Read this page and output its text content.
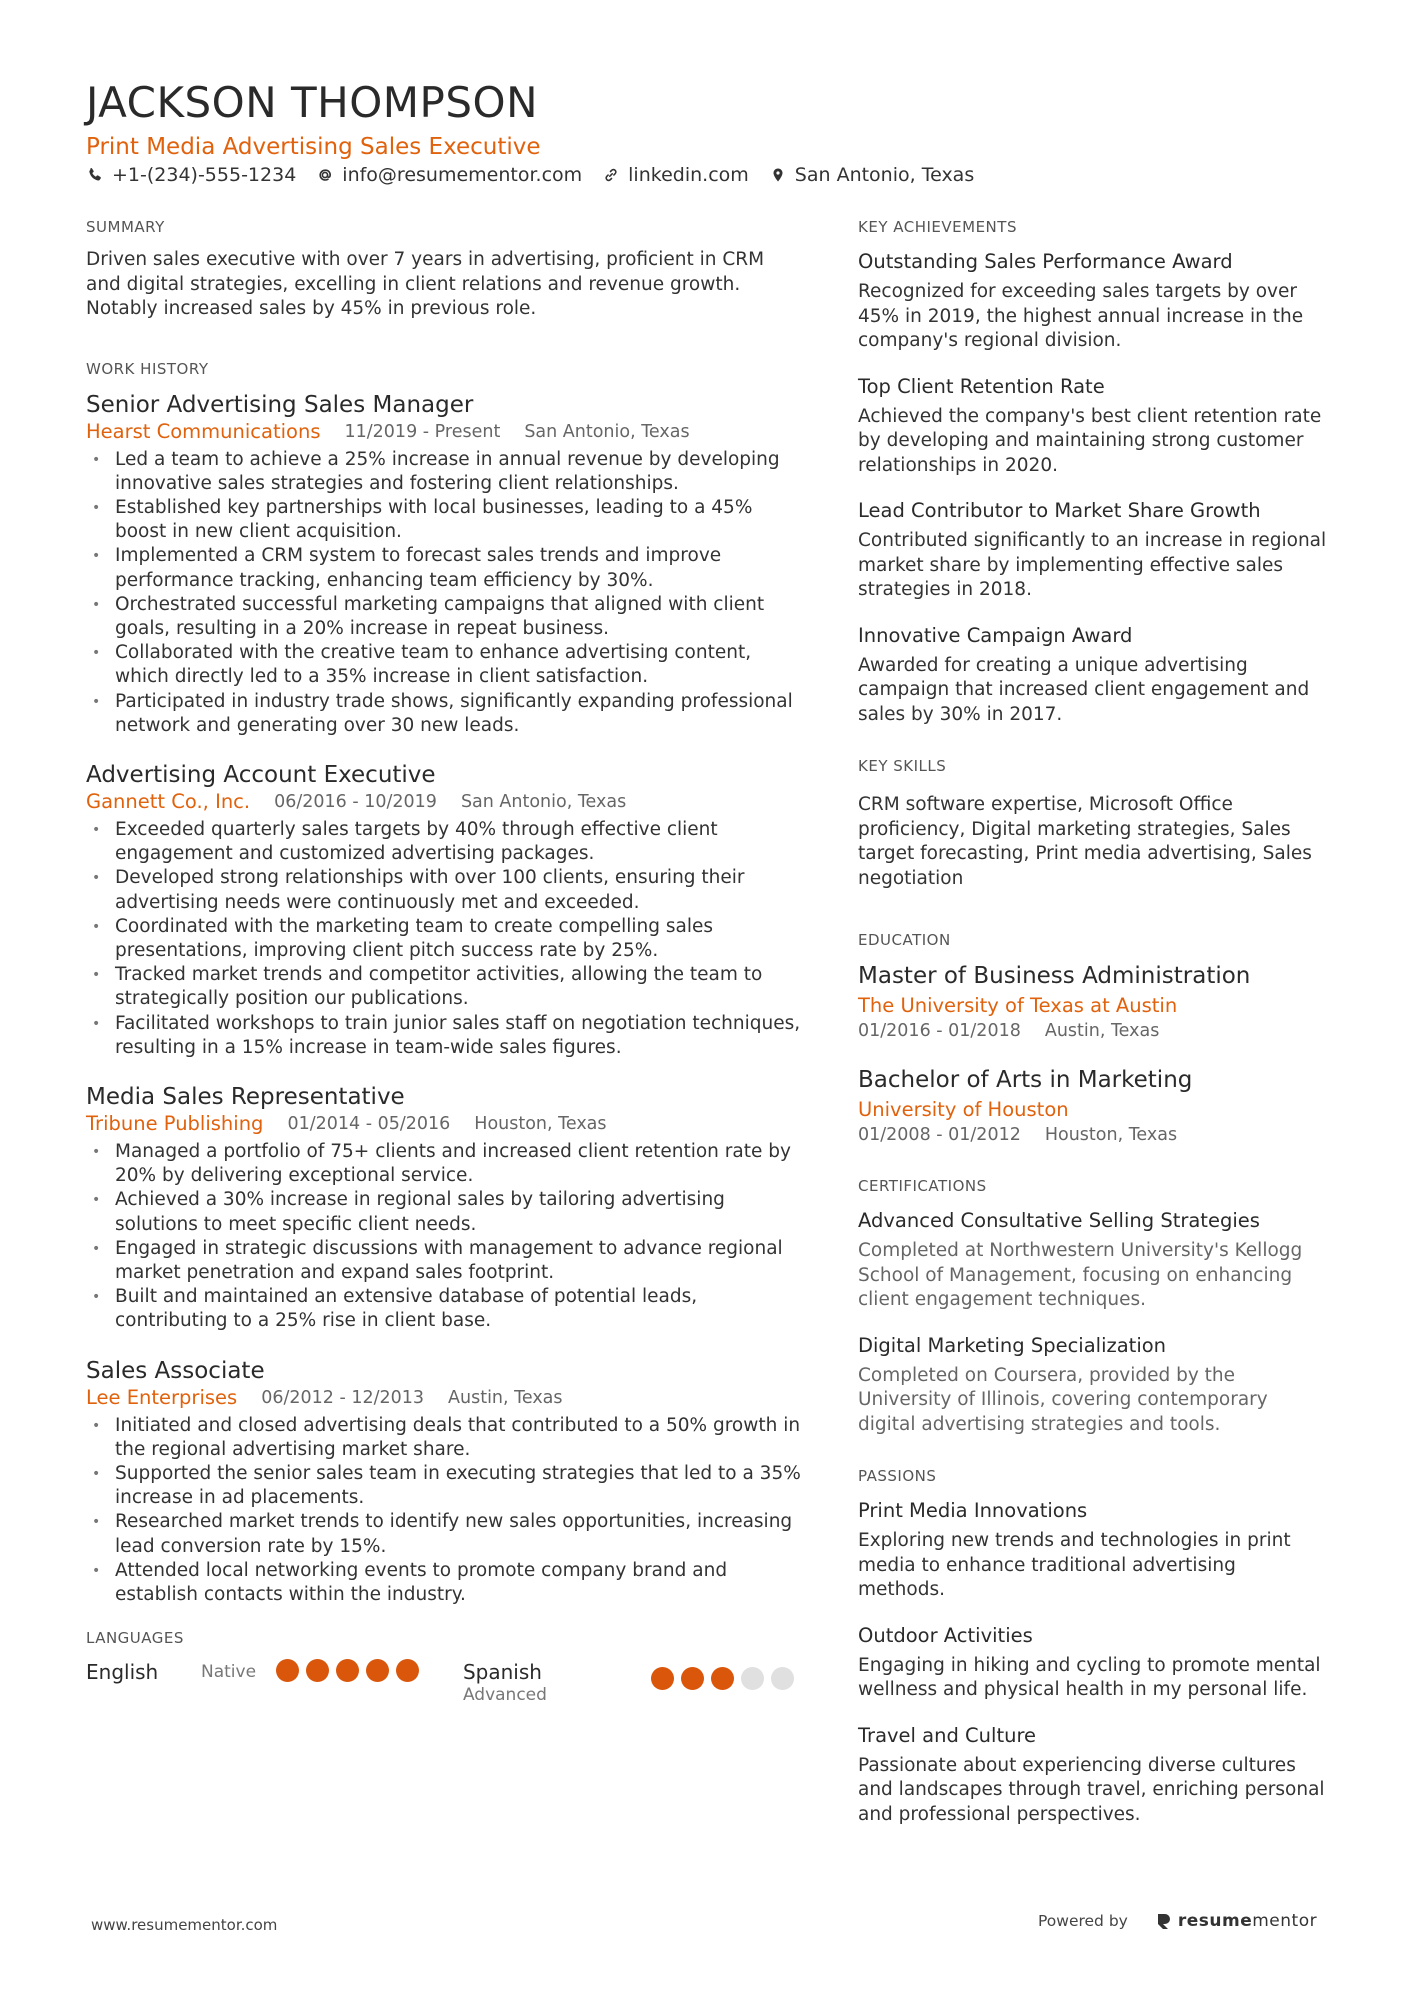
JACKSON THOMPSON
Print Media Advertising Sales Executive
+1-(234)-555-1234 info@resumementor.com linkedin.com San Antonio, Texas
SUMMARY
Driven sales executive with over 7 years in advertising, proficient in CRM and digital strategies, excelling in client relations and revenue growth. Notably increased sales by 45% in previous role.
WORK HISTORY
Senior Advertising Sales Manager
Hearst Communications 11/2019 - Present San Antonio, Texas
• Led a team to achieve a 25% increase in annual revenue by developing innovative sales strategies and fostering client relationships.
• Established key partnerships with local businesses, leading to a 45% boost in new client acquisition.
• Implemented a CRM system to forecast sales trends and improve performance tracking, enhancing team efficiency by 30%.
• Orchestrated successful marketing campaigns that aligned with client goals, resulting in a 20% increase in repeat business.
• Collaborated with the creative team to enhance advertising content, which directly led to a 35% increase in client satisfaction.
• Participated in industry trade shows, significantly expanding professional network and generating over 30 new leads.
Advertising Account Executive
Gannett Co., Inc. 06/2016 - 10/2019 San Antonio, Texas
• Exceeded quarterly sales targets by 40% through effective client engagement and customized advertising packages.
• Developed strong relationships with over 100 clients, ensuring their advertising needs were continuously met and exceeded.
• Coordinated with the marketing team to create compelling sales presentations, improving client pitch success rate by 25%.
• Tracked market trends and competitor activities, allowing the team to strategically position our publications.
• Facilitated workshops to train junior sales staff on negotiation techniques, resulting in a 15% increase in team-wide sales figures.
Media Sales Representative
Tribune Publishing 01/2014 - 05/2016 Houston, Texas
• Managed a portfolio of 75+ clients and increased client retention rate by 20% by delivering exceptional service.
• Achieved a 30% increase in regional sales by tailoring advertising solutions to meet specific client needs.
• Engaged in strategic discussions with management to advance regional market penetration and expand sales footprint.
• Built and maintained an extensive database of potential leads, contributing to a 25% rise in client base.
Sales Associate
Lee Enterprises 06/2012 - 12/2013 Austin, Texas
• Initiated and closed advertising deals that contributed to a 50% growth in the regional advertising market share.
• Supported the senior sales team in executing strategies that led to a 35% increase in ad placements.
• Researched market trends to identify new sales opportunities, increasing lead conversion rate by 15%.
• Attended local networking events to promote company brand and establish contacts within the industry.
LANGUAGES
English	Native	Spanish
Advanced
KEY ACHIEVEMENTS
Outstanding Sales Performance Award
Recognized for exceeding sales targets by over 45% in 2019, the highest annual increase in the company's regional division.
Top Client Retention Rate
Achieved the company's best client retention rate by developing and maintaining strong customer relationships in 2020.
Lead Contributor to Market Share Growth
Contributed significantly to an increase in regional market share by implementing effective sales strategies in 2018.
Innovative Campaign Award
Awarded for creating a unique advertising campaign that increased client engagement and sales by 30% in 2017.
KEY SKILLS
CRM software expertise, Microsoft Office proficiency, Digital marketing strategies, Sales target forecasting, Print media advertising, Sales negotiation
EDUCATION
Master of Business Administration
The University of Texas at Austin
01/2016 - 01/2018 Austin, Texas
Bachelor of Arts in Marketing
University of Houston
01/2008 - 01/2012 Houston, Texas
CERTIFICATIONS
Advanced Consultative Selling Strategies
Completed at Northwestern University's Kellogg School of Management, focusing on enhancing client engagement techniques.
Digital Marketing Specialization
Completed on Coursera, provided by the University of Illinois, covering contemporary digital advertising strategies and tools.
PASSIONS
Print Media Innovations
Exploring new trends and technologies in print media to enhance traditional advertising methods.
Outdoor Activities
Engaging in hiking and cycling to promote mental wellness and physical health in my personal life.
Travel and Culture
Passionate about experiencing diverse cultures and landscapes through travel, enriching personal and professional perspectives.
www.resumementor.com	Powered by	resume mentor
